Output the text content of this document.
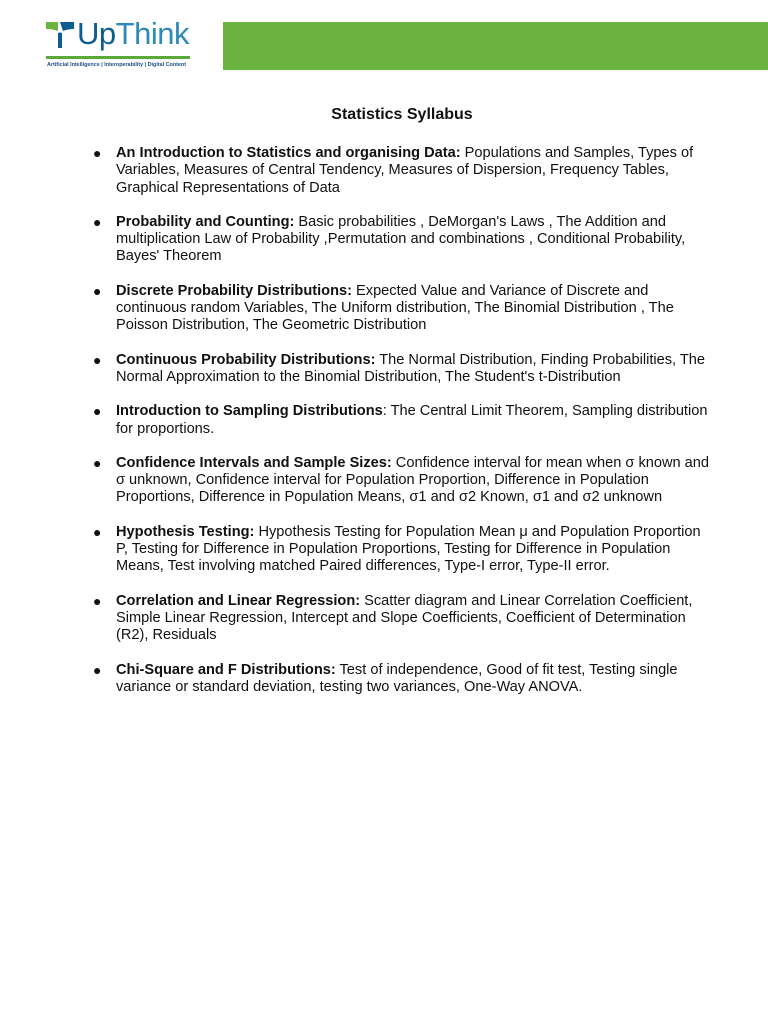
UpThink
Artificial Intelligence | Interoperability | Digital Content
Statistics Syllabus
● An Introduction to Statistics and organising Data: Populations and Samples, Types of Variables, Measures of Central Tendency, Measures of Dispersion, Frequency Tables, Graphical Representations of Data
● Probability and Counting: Basic probabilities , DeMorgan's Laws , The Addition and multiplication Law of Probability ,Permutation and combinations , Conditional Probability, Bayes' Theorem
● Discrete Probability Distributions: Expected Value and Variance of Discrete and continuous random Variables, The Uniform distribution, The Binomial Distribution , The Poisson Distribution, The Geometric Distribution
● Continuous Probability Distributions: The Normal Distribution, Finding Probabilities, The Normal Approximation to the Binomial Distribution, The Student's t-Distribution
● Introduction to Sampling Distributions: The Central Limit Theorem, Sampling distribution for proportions.
● Confidence Intervals and Sample Sizes: Confidence interval for mean when σ known and σ unknown, Confidence interval for Population Proportion, Difference in Population Proportions, Difference in Population Means, σ1 and σ2 Known, σ1 and σ2 unknown
● Hypothesis Testing: Hypothesis Testing for Population Mean μ and Population Proportion P, Testing for Difference in Population Proportions, Testing for Difference in Population Means, Test involving matched Paired differences, Type-I error, Type-II error.
● Correlation and Linear Regression: Scatter diagram and Linear Correlation Coefficient, Simple Linear Regression, Intercept and Slope Coefficients, Coefficient of Determination (R2), Residuals
● Chi-Square and F Distributions: Test of independence, Good of fit test, Testing single variance or standard deviation, testing two variances, One-Way ANOVA.
